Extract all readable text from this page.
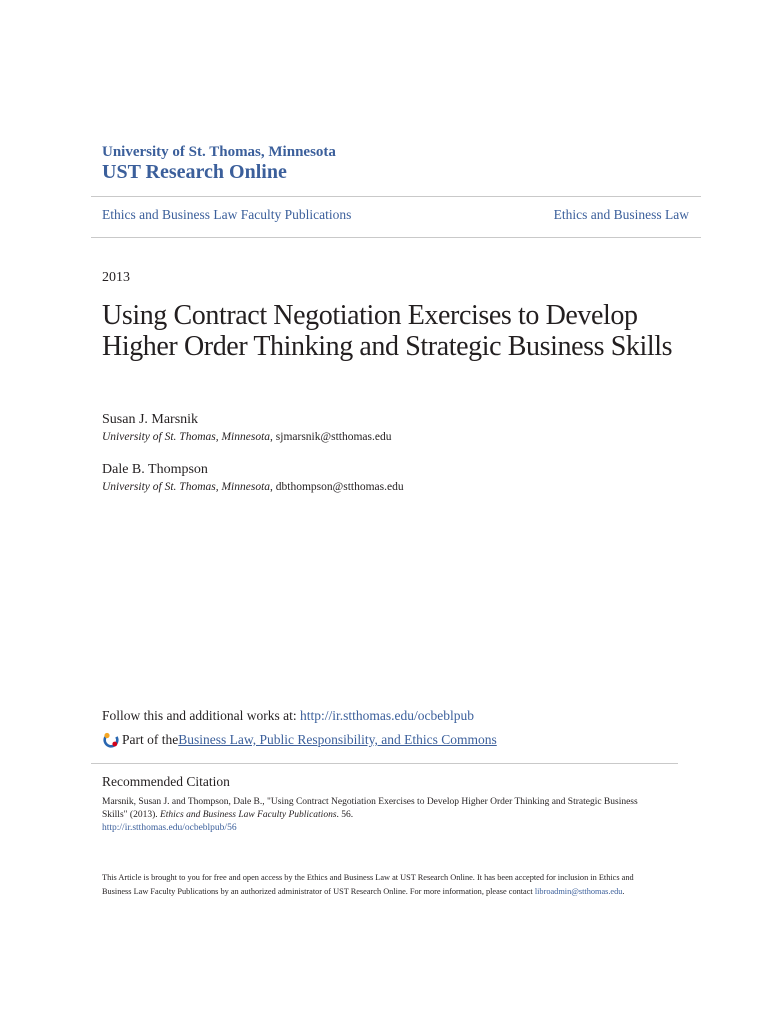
University of St. Thomas, Minnesota
UST Research Online
Ethics and Business Law Faculty Publications	Ethics and Business Law
2013
Using Contract Negotiation Exercises to Develop Higher Order Thinking and Strategic Business Skills
Susan J. Marsnik
University of St. Thomas, Minnesota, sjmarsnik@stthomas.edu
Dale B. Thompson
University of St. Thomas, Minnesota, dbthompson@stthomas.edu
Follow this and additional works at: http://ir.stthomas.edu/ocbeblpub
Part of the Business Law, Public Responsibility, and Ethics Commons
Recommended Citation
Marsnik, Susan J. and Thompson, Dale B., "Using Contract Negotiation Exercises to Develop Higher Order Thinking and Strategic Business Skills" (2013). Ethics and Business Law Faculty Publications. 56.
http://ir.stthomas.edu/ocbeblpub/56
This Article is brought to you for free and open access by the Ethics and Business Law at UST Research Online. It has been accepted for inclusion in Ethics and Business Law Faculty Publications by an authorized administrator of UST Research Online. For more information, please contact libroadmin@stthomas.edu.
